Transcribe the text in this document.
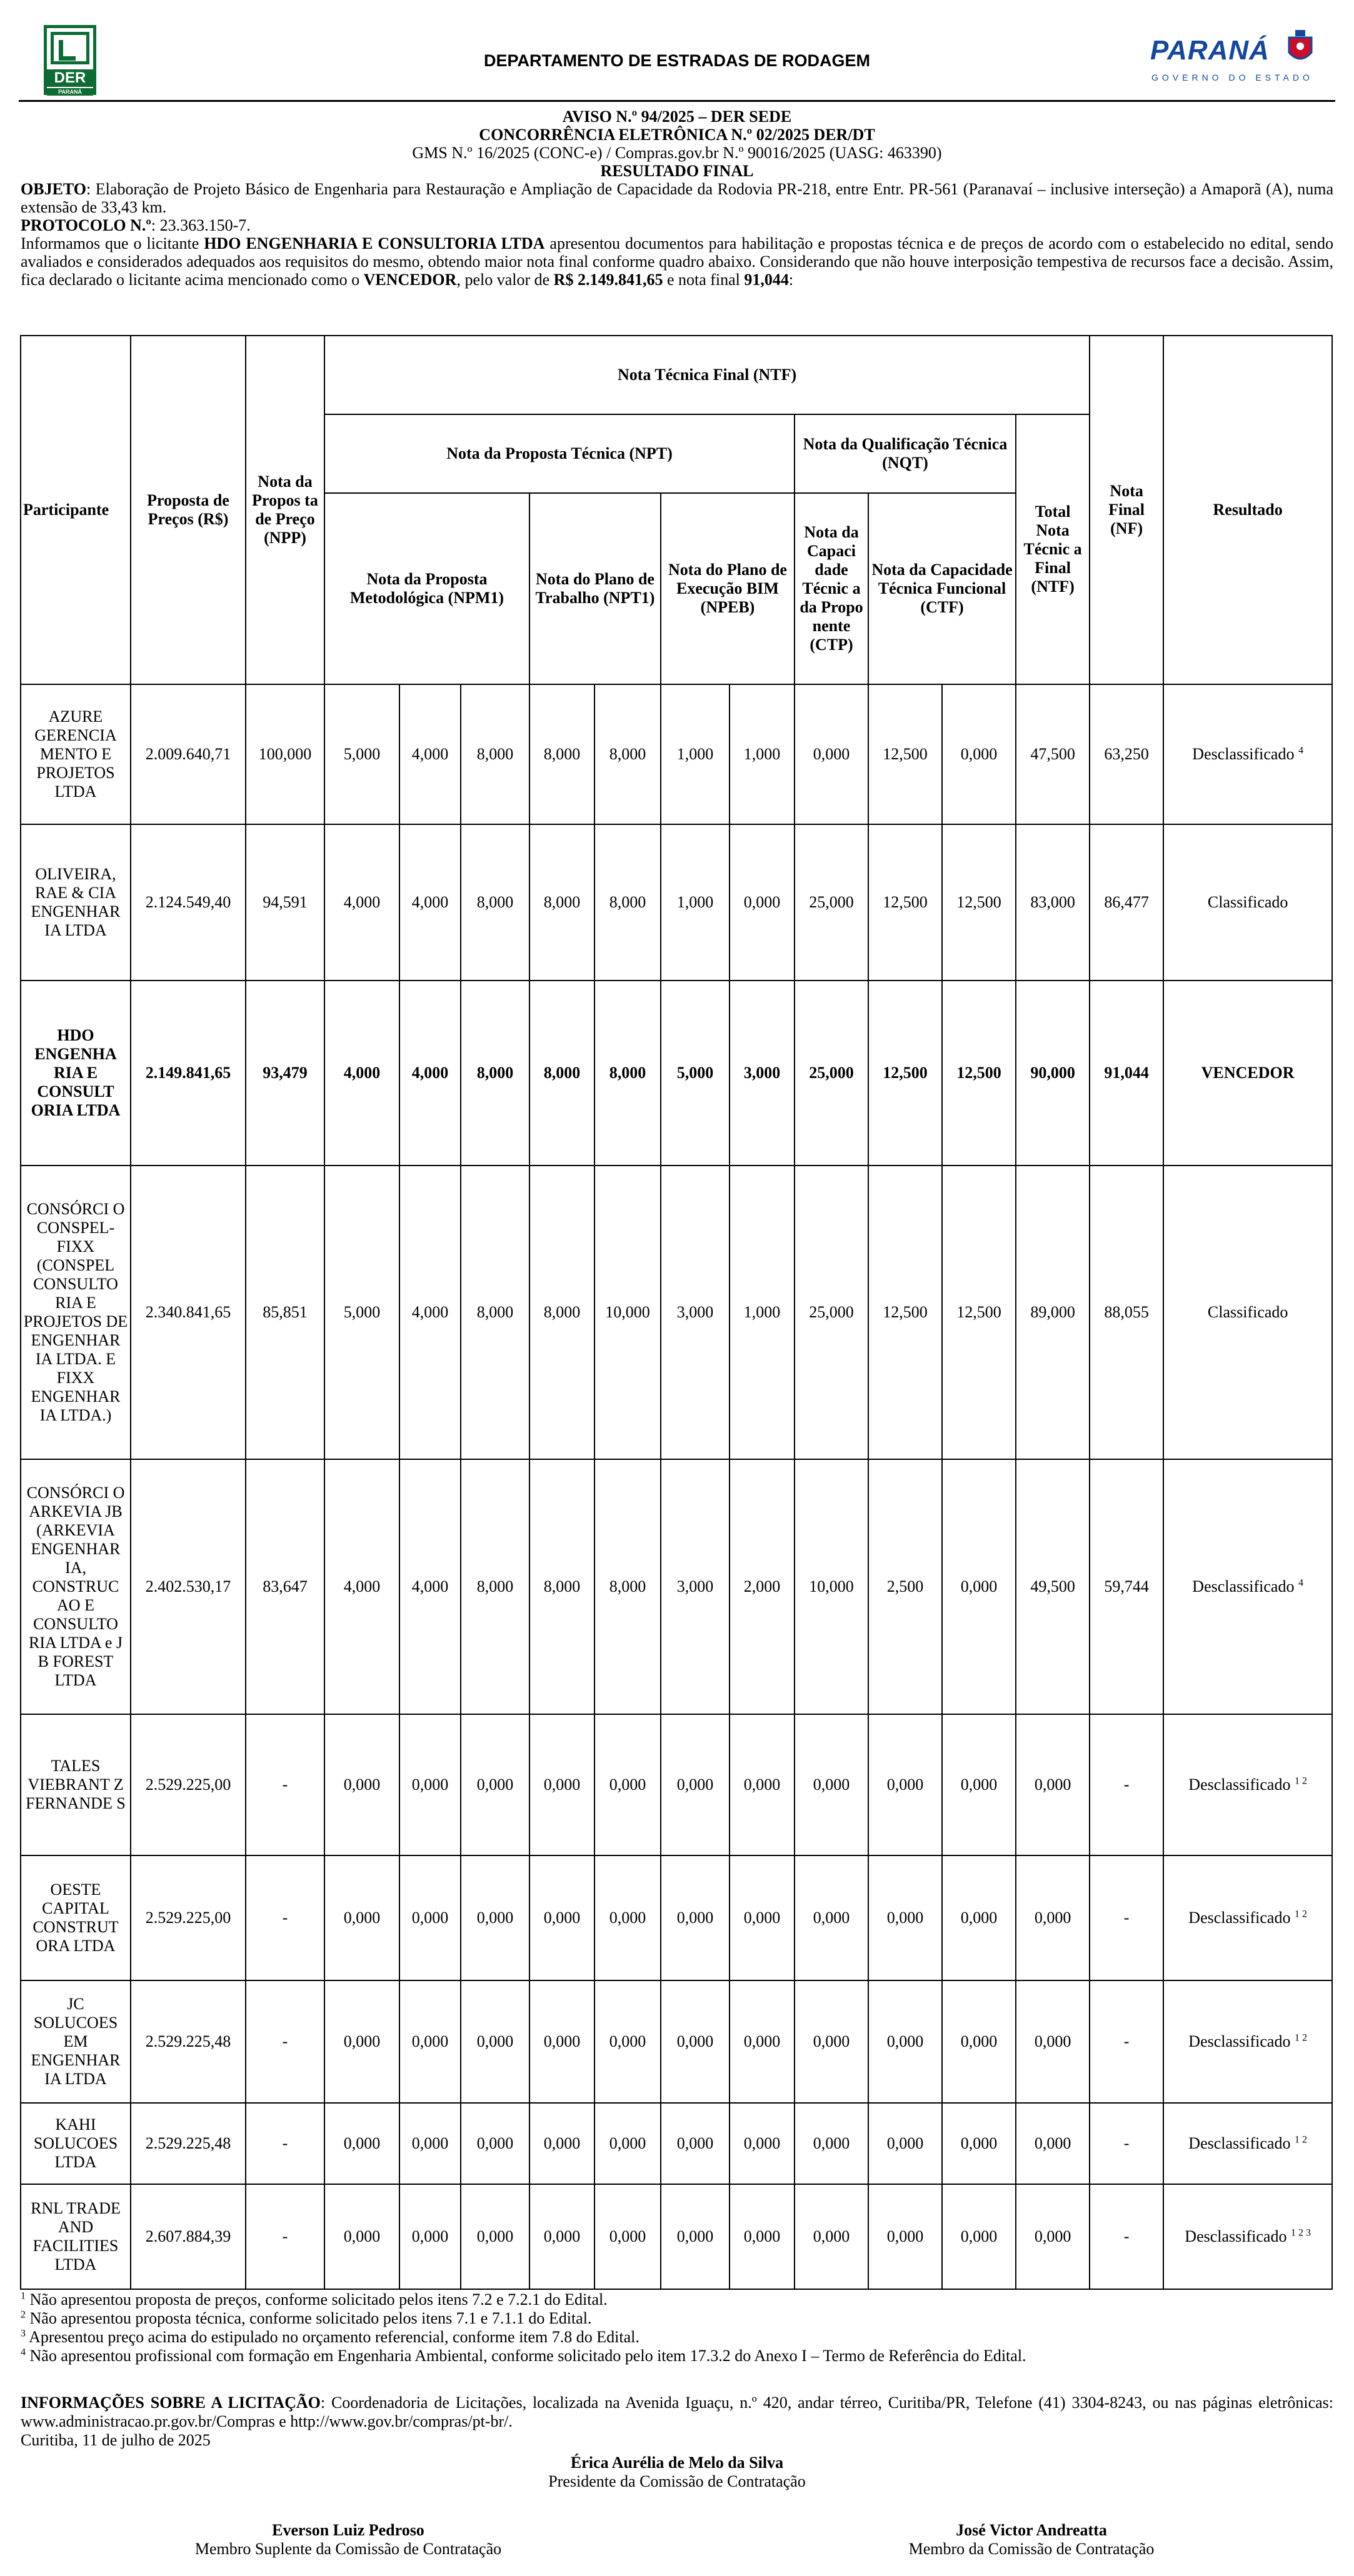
DER
PARANÁ
DEPARTAMENTO DE ESTRADAS DE RODAGEM	PARANÁ
GOVERNO DO ESTADO

AVISO N.º 94/2025 – DER SEDE

CONCORRÊNCIA ELETRÔNICA N.º 02/2025 DER/DT

GMS N.º 16/2025 (CONC-e) / Compras.gov.br N.º 90016/2025 (UASG: 463390)

RESULTADO FINAL

OBJETO: Elaboração de Projeto Básico de Engenharia para Restauração e Ampliação de Capacidade da Rodovia PR-218, entre Entr. PR-561 (Paranavaí – inclusive interseção) a Amaporã (A), numa extensão de 33,43 km.

PROTOCOLO N.º: 23.363.150-7.

Informamos que o licitante HDO ENGENHARIA E CONSULTORIA LTDA apresentou documentos para habilitação e propostas técnica e de preços de acordo com o estabelecido no edital, sendo avaliados e considerados adequados aos requisitos do mesmo, obtendo maior nota final conforme quadro abaixo. Considerando que não houve interposição tempestiva de recursos face a decisão. Assim, fica declarado o licitante acima mencionado como o VENCEDOR, pelo valor de R$ 2.149.841,65 e nota final 91,044:

Participante	Proposta de Preços (R$)	Nota da Propos ta de Preço (NPP)	Nota Técnica Final (NTF)											Nota Final (NF)	Resultado
			Nota da Proposta Técnica (NPT)							Nota da Qualificação Técnica (NQT)			Total Nota Técnic a Final (NTF)		
			Nota da Proposta Metodológica (NPM1)			Nota do Plano de Trabalho (NPT1)		Nota do Plano de Execução BIM (NPEB)		Nota da Capaci dade Técnic a da Propo nente (CTP)	Nota da Capacidade Técnica Funcional (CTF)				

AZURE GERENCIA MENTO E PROJETOS LTDA	2.009.640,71	100,000	5,000	4,000	8,000	8,000	8,000	1,000	1,000	0,000	12,500	0,000	47,500	63,250	Desclassificado $^4$
OLIVEIRA, RAE & CIA ENGENHAR IA LTDA	2.124.549,40	94,591	4,000	4,000	8,000	8,000	8,000	1,000	0,000	25,000	12,500	12,500	83,000	86,477	Classificado
HDO ENGENHA RIA E CONSULT ORIA LTDA	2.149.841,65	93,479	4,000	4,000	8,000	8,000	8,000	5,000	3,000	25,000	12,500	12,500	90,000	91,044	VENCEDOR
CONSÓRCI O CONSPEL-FIXX (CONSPEL CONSULTO RIA E PROJETOS DE ENGENHAR IA LTDA. E FIXX ENGENHAR IA LTDA.)	2.340.841,65	85,851	5,000	4,000	8,000	8,000	10,000	3,000	1,000	25,000	12,500	12,500	89,000	88,055	Classificado
CONSÓRCI O ARKEVIA JB (ARKEVIA ENGENHAR IA, CONSTRUC AO E CONSULTO RIA LTDA e J B FOREST LTDA	2.402.530,17	83,647	4,000	4,000	8,000	8,000	8,000	3,000	2,000	10,000	2,500	0,000	49,500	59,744	Desclassificado $^4$
TALES VIEBRANT Z FERNANDE S	2.529.225,00	-	0,000	0,000	0,000	0,000	0,000	0,000	0,000	0,000	0,000	0,000	0,000	-	Desclassificado $^{1 2}$
OESTE CAPITAL CONSTRUT ORA LTDA	2.529.225,00	-	0,000	0,000	0,000	0,000	0,000	0,000	0,000	0,000	0,000	0,000	0,000	-	Desclassificado $^{1 2}$
JC SOLUCOES EM ENGENHAR IA LTDA	2.529.225,48	-	0,000	0,000	0,000	0,000	0,000	0,000	0,000	0,000	0,000	0,000	0,000	-	Desclassificado $^{1 2}$
KAHI SOLUCOES LTDA	2.529.225,48	-	0,000	0,000	0,000	0,000	0,000	0,000	0,000	0,000	0,000	0,000	0,000	-	Desclassificado $^{1 2}$
RNL TRADE AND FACILITIES LTDA	2.607.884,39	-	0,000	0,000	0,000	0,000	0,000	0,000	0,000	0,000	0,000	0,000	0,000	-	Desclassificado $^{1 2 3}$

$^1$ Não apresentou proposta de preços, conforme solicitado pelos itens 7.2 e 7.2.1 do Edital.

$^2$ Não apresentou proposta técnica, conforme solicitado pelos itens 7.1 e 7.1.1 do Edital.

$^3$ Apresentou preço acima do estipulado no orçamento referencial, conforme item 7.8 do Edital.

$^4$ Não apresentou profissional com formação em Engenharia Ambiental, conforme solicitado pelo item 17.3.2 do Anexo I – Termo de Referência do Edital.

INFORMAÇÕES SOBRE A LICITAÇÃO: Coordenadoria de Licitações, localizada na Avenida Iguaçu, n.º 420, andar térreo, Curitiba/PR, Telefone (41) 3304-8243, ou nas páginas eletrônicas: www.administracao.pr.gov.br/Compras e http://www.gov.br/compras/pt-br/.

Curitiba, 11 de julho de 2025

Érica Aurélia de Melo da Silva
Presidente da Comissão de Contratação
Everson Luiz Pedroso
Membro Suplente da Comissão de Contratação
José Victor Andreatta
Membro da Comissão de Contratação
